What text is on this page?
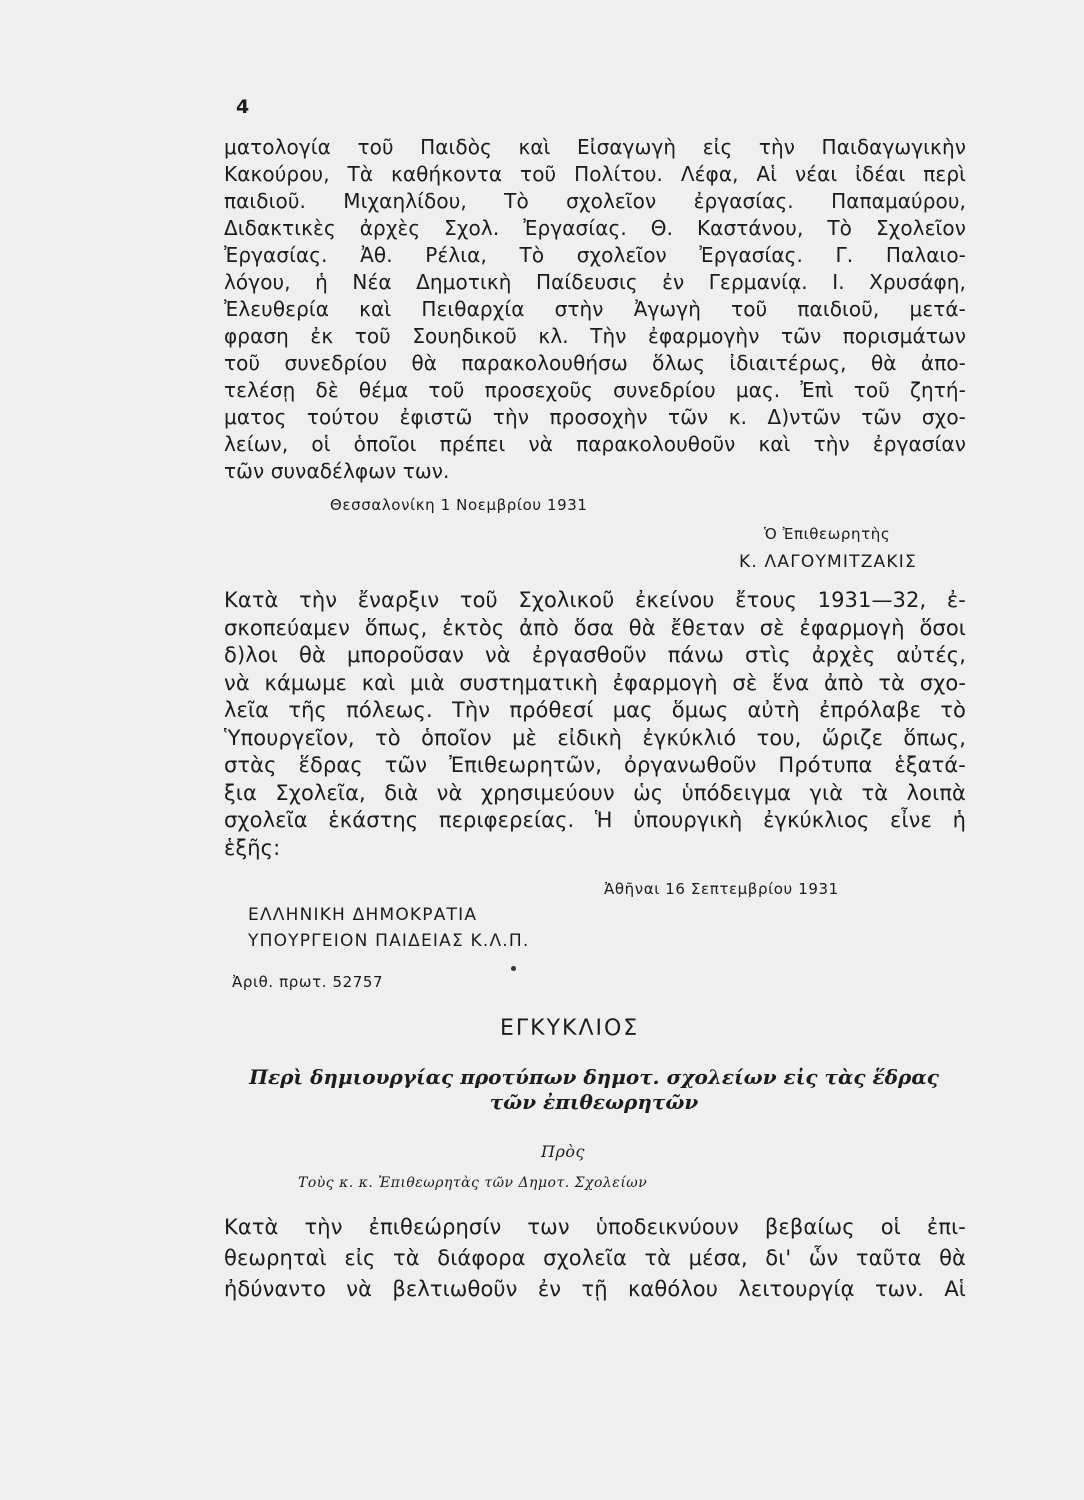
4
ματολογία τοῦ Παιδὸς καὶ Εἰσαγωγὴ εἰς τὴν Παιδαγωγικὴν
Κακούρου, Τὰ καθήκοντα τοῦ Πολίτου. Λέφα, Αἱ νέαι ἰδέαι περὶ
παιδιοῦ. Μιχαηλίδου, Τὸ σχολεῖον ἐργασίας. Παπαμαύρου,
Διδακτικὲς ἀρχὲς Σχολ. Ἐργασίας. Θ. Καστάνου, Τὸ Σχολεῖον
Ἐργασίας. Ἀθ. Ρέλια, Τὸ σχολεῖον Ἐργασίας. Γ. Παλαιο-
λόγου, ἡ Νέα Δημοτικὴ Παίδευσις ἐν Γερμανίᾳ. Ι. Χρυσάφη,
Ἐλευθερία καὶ Πειθαρχία στὴν Ἀγωγὴ τοῦ παιδιοῦ, μετά-
φραση ἐκ τοῦ Σουηδικοῦ κλ. Τὴν ἐφαρμογὴν τῶν πορισμάτων
τοῦ συνεδρίου θὰ παρακολουθήσω ὅλως ἰδιαιτέρως, θὰ ἀπο-
τελέσῃ δὲ θέμα τοῦ προσεχοῦς συνεδρίου μας. Ἐπὶ τοῦ ζητή-
ματος τούτου ἐφιστῶ τὴν προσοχὴν τῶν κ. Δ)ντῶν τῶν σχο-
λείων, οἱ ὁποῖοι πρέπει νὰ παρακολουθοῦν καὶ τὴν ἐργασίαν
τῶν συναδέλφων των.
Θεσσαλονίκη 1 Νοεμβρίου 1931
Ὁ Ἐπιθεωρητὴς
Κ. ΛΑΓΟΥΜΙΤΖΑΚΙΣ
Κατὰ τὴν ἔναρξιν τοῦ Σχολικοῦ ἐκείνου ἔτους 1931—32, ἐ-
σκοπεύαμεν ὅπως, ἐκτὸς ἀπὸ ὅσα θὰ ἔθεταν σὲ ἐφαρμογὴ ὅσοι
δ)λοι θὰ μποροῦσαν νὰ ἐργασθοῦν πάνω στὶς ἀρχὲς αὐτές,
νὰ κάμωμε καὶ μιὰ συστηματικὴ ἐφαρμογὴ σὲ ἕνα ἀπὸ τὰ σχο-
λεῖα τῆς πόλεως. Τὴν πρόθεσί μας ὅμως αὐτὴ ἐπρόλαβε τὸ
Ὑπουργεῖον, τὸ ὁποῖον μὲ εἰδικὴ ἐγκύκλιό του, ὥριζε ὅπως,
στὰς ἕδρας τῶν Ἐπιθεωρητῶν, ὀργανωθοῦν Πρότυπα ἑξατά-
ξια Σχολεῖα, διὰ νὰ χρησιμεύουν ὡς ὑπόδειγμα γιὰ τὰ λοιπὰ
σχολεῖα ἑκάστης περιφερείας. Ἡ ὑπουργικὴ ἐγκύκλιος εἶνε ἡ
ἑξῆς:
Ἀθῆναι 16 Σεπτεμβρίου 1931
ΕΛΛΗΝΙΚΗ ΔΗΜΟΚΡΑΤΙΑ
ΥΠΟΥΡΓΕΙΟΝ ΠΑΙΔΕΙΑΣ Κ.Λ.Π.
Ἀριθ. πρωτ. 52757
ΕΓΚΥΚΛΙΟΣ
Περὶ δημιουργίας προτύπων δημοτ. σχολείων εἰς τὰς ἕδρας
τῶν ἐπιθεωρητῶν
Πρὸς
Τοὺς κ. κ. Ἐπιθεωρητὰς τῶν Δημοτ. Σχολείων
Κατὰ τὴν ἐπιθεώρησίν των ὑποδεικνύουν βεβαίως οἱ ἐπι-
θεωρηταὶ εἰς τὰ διάφορα σχολεῖα τὰ μέσα, δι' ὧν ταῦτα θὰ
ἠδύναντο νὰ βελτιωθοῦν ἐν τῇ καθόλου λειτουργίᾳ των. Αἱ
